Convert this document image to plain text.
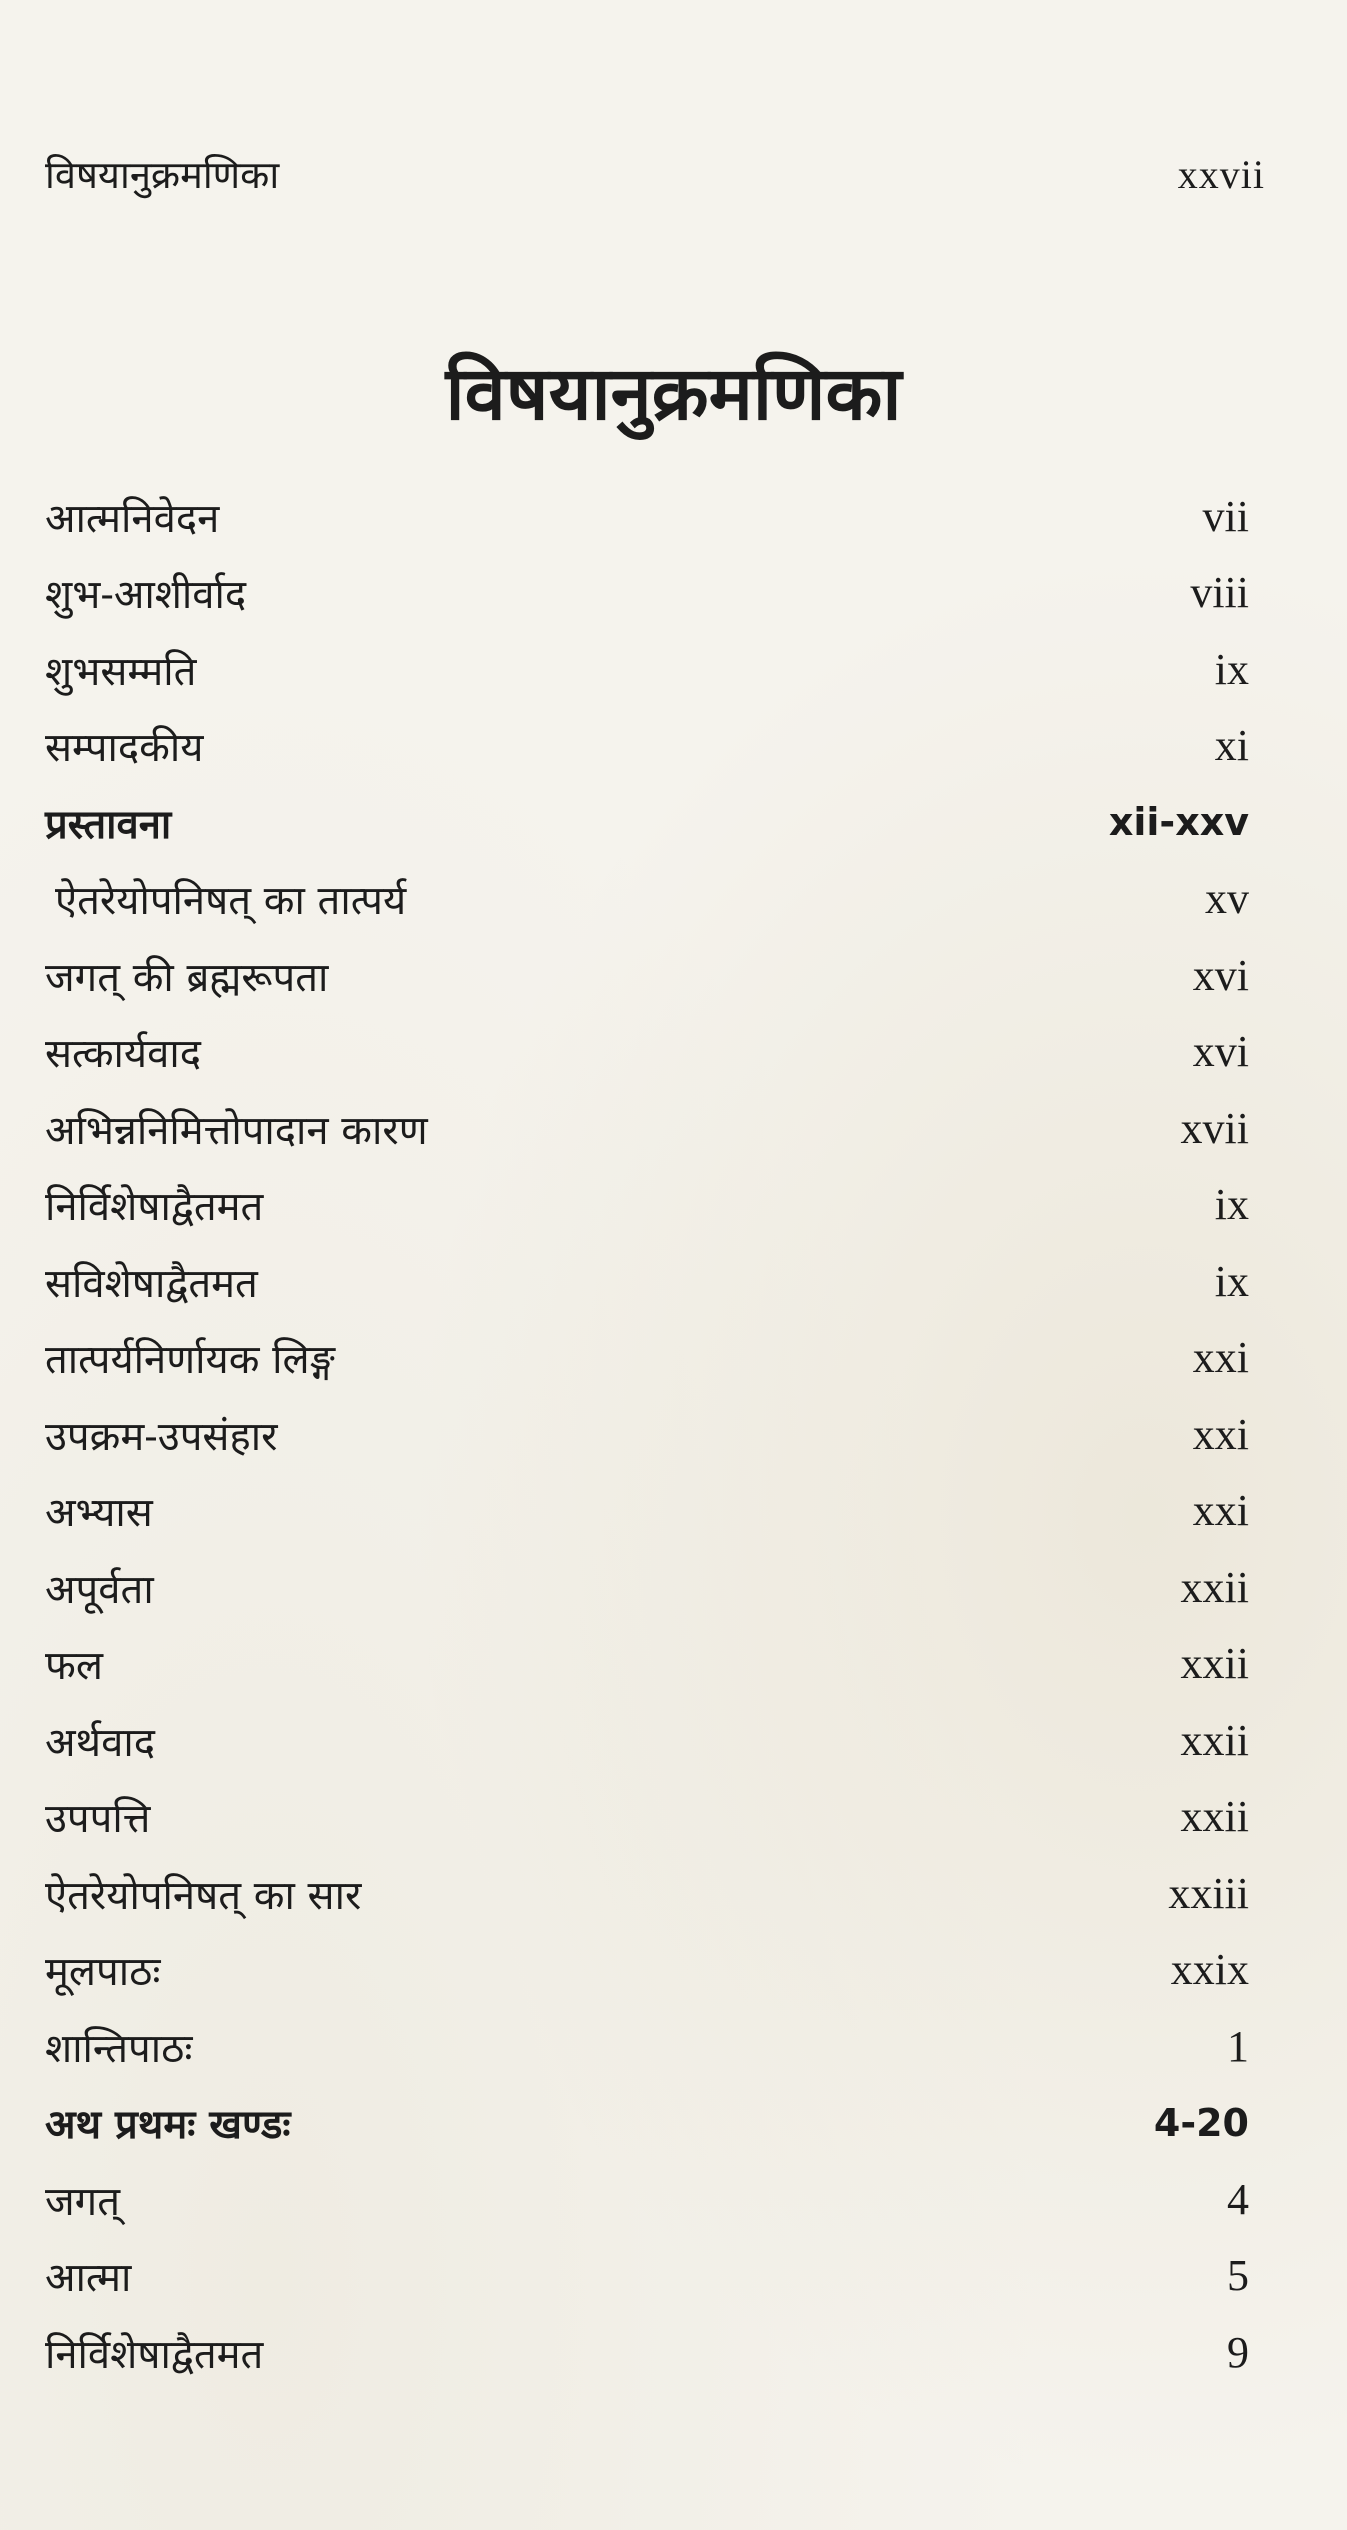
विषयानुक्रमणिका	xxvii
विषयानुक्रमणिका
आत्मनिवेदन	vii
शुभ-आशीर्वाद	viii
शुभसम्मति	ix
सम्पादकीय	xi
प्रस्तावना	xii-xxv
ऐतरेयोपनिषत् का तात्पर्य	xv
जगत् की ब्रह्मरूपता	xvi
सत्कार्यवाद	xvi
अभिन्ननिमित्तोपादान कारण	xvii
निर्विशेषाद्वैतमत	ix
सविशेषाद्वैतमत	ix
तात्पर्यनिर्णायक लिङ्ग	xxi
उपक्रम-उपसंहार	xxi
अभ्यास	xxi
अपूर्वता	xxii
फल	xxii
अर्थवाद	xxii
उपपत्ति	xxii
ऐतरेयोपनिषत् का सार	xxiii
मूलपाठः	xxix
शान्तिपाठः	1
अथ प्रथमः खण्डः	4-20
जगत्	4
आत्मा	5
निर्विशेषाद्वैतमत	9
